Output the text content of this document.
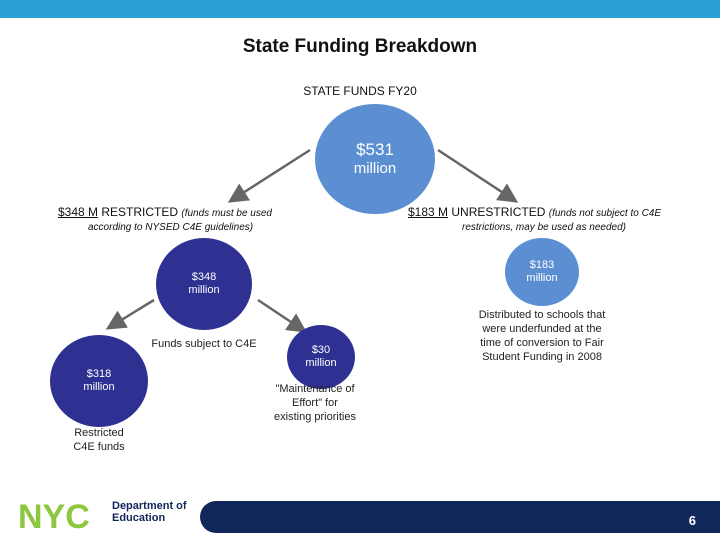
State Funding Breakdown
STATE FUNDS FY20
$531
million
$348 M RESTRICTED (funds must be used
according to NYSED C4E guidelines)
$183 M UNRESTRICTED (funds not subject to C4E
restrictions, may be used as needed)
$348
million
Funds subject to C4E
$183
million
Distributed to schools that
were underfunded at the
time of conversion to Fair
Student Funding in 2008
$318
million
Restricted
C4E funds
$30
million
"Maintenance of
Effort" for
existing priorities
NYC Department of
Education	6
